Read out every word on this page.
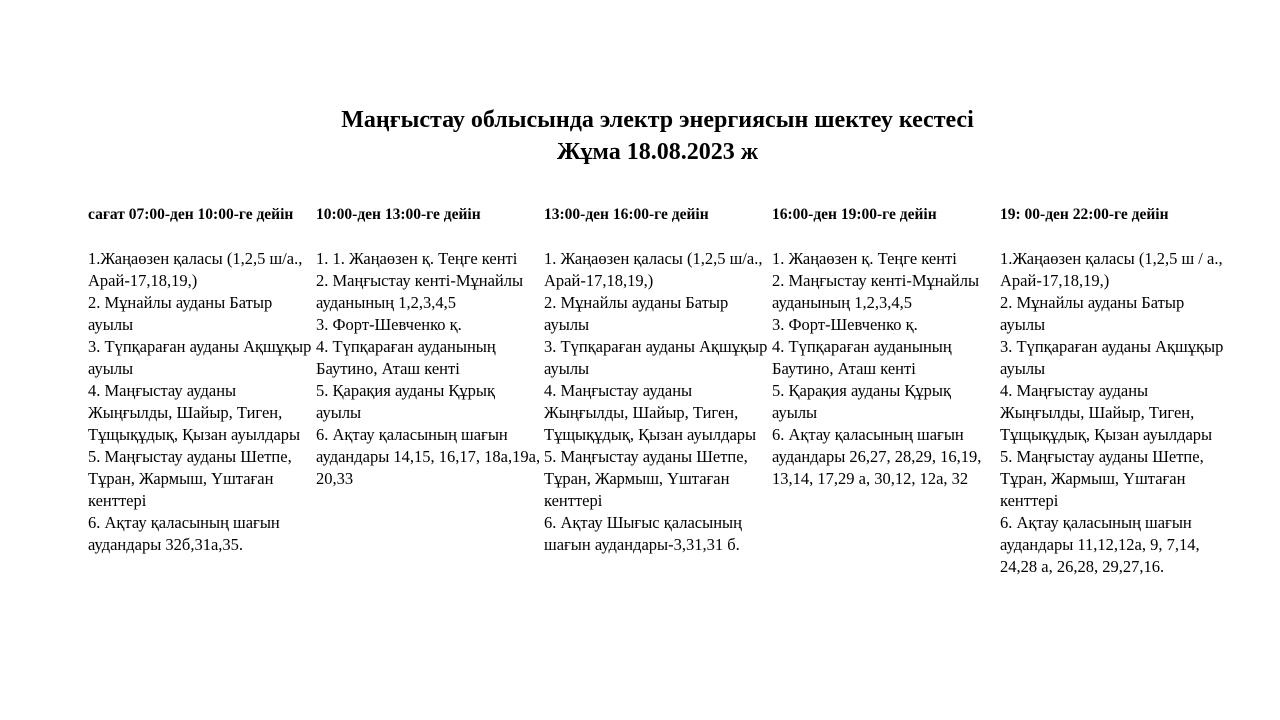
Маңғыстау облысында электр энергиясын шектеу кестесі
Жұма 18.08.2023 ж
сағат 07:00-ден 10:00-ге дейін

1.Жаңаөзен қаласы (1,2,5 ш/а., Арай-17,18,19,)

2. Мұнайлы ауданы Батыр ауылы

3. Түпқараған ауданы Ақшұқыр ауылы

4. Маңғыстау ауданы Жыңғылды, Шайыр, Тиген, Тұщықұдық, Қызан ауылдары

5. Маңғыстау ауданы Шетпе, Тұран, Жармыш, Үштаған кенттері

6. Ақтау қаласының шағын аудандары 32б,31а,35.

10:00-ден 13:00-ге дейін

1. 1. Жаңаөзен қ. Теңге кенті

2. Маңғыстау кенті-Мұнайлы ауданының 1,2,3,4,5

3. Форт-Шевченко қ.

4. Түпқараған ауданының Баутино, Аташ кенті

5. Қарақия ауданы Құрық ауылы

6. Ақтау қаласының шағын аудандары 14,15, 16,17, 18а,19а, 20,33

13:00-ден 16:00-ге дейін

1. Жаңаөзен қаласы (1,2,5 ш/а., Арай-17,18,19,)

2. Мұнайлы ауданы Батыр ауылы

3. Түпқараған ауданы Ақшұқыр ауылы

4. Маңғыстау ауданы Жыңғылды, Шайыр, Тиген, Тұщықұдық, Қызан ауылдары

5. Маңғыстау ауданы Шетпе, Тұран, Жармыш, Үштаған кенттері

6. Ақтау Шығыс қаласының шағын аудандары-3,31,31 б.

16:00-ден 19:00-ге дейін

1. Жаңаөзен қ. Теңге кенті

2. Маңғыстау кенті-Мұнайлы ауданының 1,2,3,4,5

3. Форт-Шевченко қ.

4. Түпқараған ауданының Баутино, Аташ кенті

5. Қарақия ауданы Құрық ауылы

6. Ақтау қаласының шағын аудандары 26,27, 28,29, 16,19, 13,14, 17,29 а, 30,12, 12а, 32

19: 00-ден 22:00-ге дейін

1.Жаңаөзен қаласы (1,2,5 ш / а., Арай-17,18,19,)

2. Мұнайлы ауданы Батыр ауылы

3. Түпқараған ауданы Ақшұқыр ауылы

4. Маңғыстау ауданы Жыңғылды, Шайыр, Тиген, Тұщықұдық, Қызан ауылдары

5. Маңғыстау ауданы Шетпе, Тұран, Жармыш, Үштаған кенттері

6. Ақтау қаласының шағын аудандары 11,12,12а, 9, 7,14, 24,28 а, 26,28, 29,27,16.
